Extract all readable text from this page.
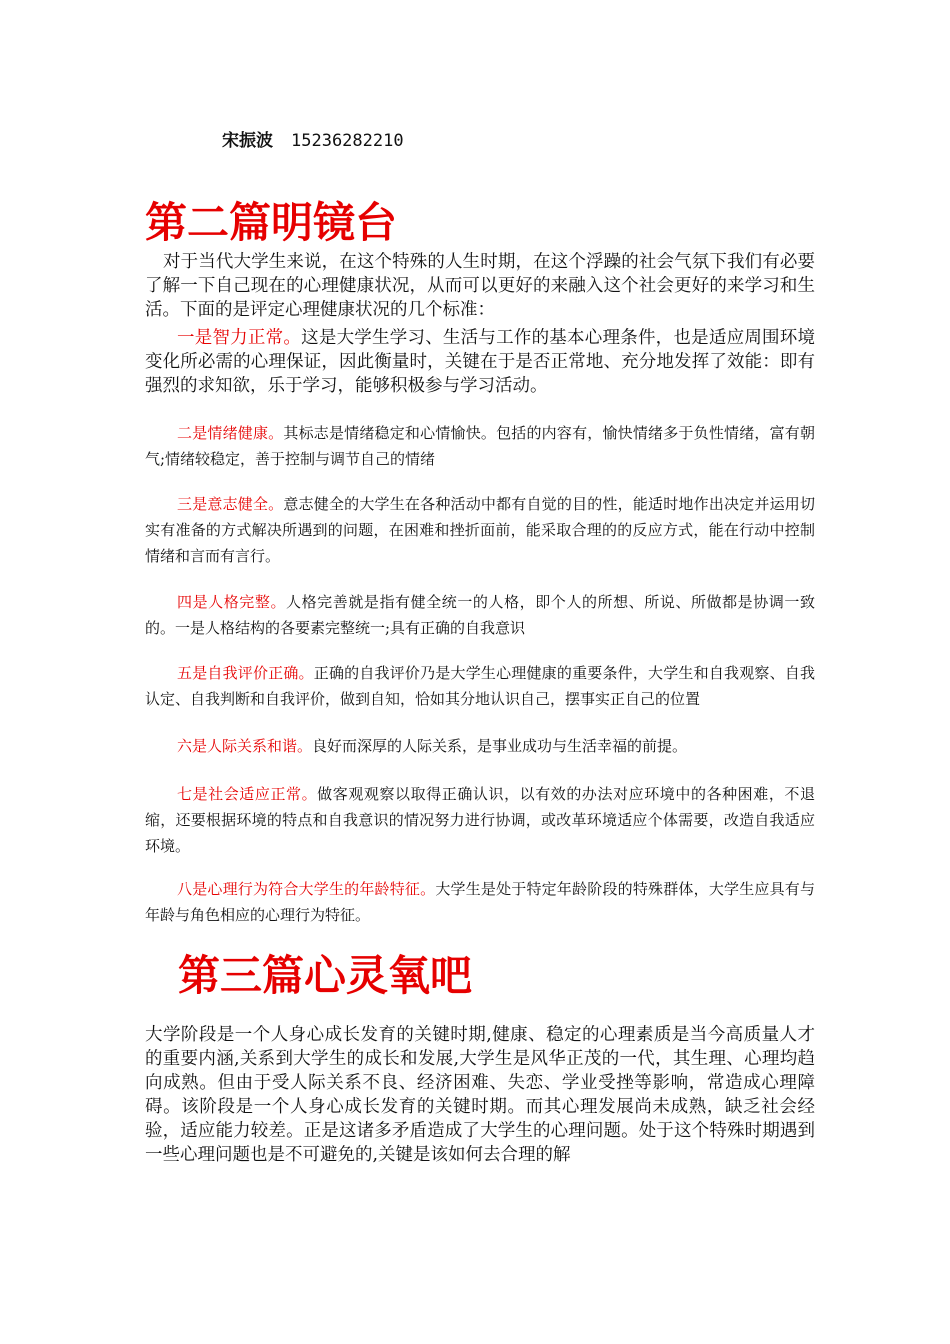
宋振波 15236282210
第二篇明镜台

对于当代大学生来说，在这个特殊的人生时期，在这个浮躁的社会气氛下我们有必要了解一下自己现在的心理健康状况，从而可以更好的来融入这个社会更好的来学习和生活。下面的是评定心理健康状况的几个标准：

一是智力正常。这是大学生学习、生活与工作的基本心理条件，也是适应周围环境变化所必需的心理保证，因此衡量时，关键在于是否正常地、充分地发挥了效能：即有强烈的求知欲，乐于学习，能够积极参与学习活动。

二是情绪健康。其标志是情绪稳定和心情愉快。包括的内容有，愉快情绪多于负性情绪，富有朝气;情绪较稳定，善于控制与调节自己的情绪

三是意志健全。意志健全的大学生在各种活动中都有自觉的目的性，能适时地作出决定并运用切实有准备的方式解决所遇到的问题，在困难和挫折面前，能采取合理的的反应方式，能在行动中控制情绪和言而有言行。

四是人格完整。人格完善就是指有健全统一的人格，即个人的所想、所说、所做都是协调一致的。一是人格结构的各要素完整统一;具有正确的自我意识

五是自我评价正确。正确的自我评价乃是大学生心理健康的重要条件，大学生和自我观察、自我认定、自我判断和自我评价，做到自知，恰如其分地认识自己，摆事实正自己的位置

六是人际关系和谐。良好而深厚的人际关系，是事业成功与生活幸福的前提。

七是社会适应正常。做客观观察以取得正确认识，以有效的办法对应环境中的各种困难，不退缩，还要根据环境的特点和自我意识的情况努力进行协调，或改革环境适应个体需要，改造自我适应环境。

八是心理行为符合大学生的年龄特征。大学生是处于特定年龄阶段的特殊群体，大学生应具有与年龄与角色相应的心理行为特征。

第三篇心灵氧吧

大学阶段是一个人身心成长发育的关键时期,健康、稳定的心理素质是当今高质量人才的重要内涵,关系到大学生的成长和发展,大学生是风华正茂的一代，其生理、心理均趋向成熟。但由于受人际关系不良、经济困难、失恋、学业受挫等影响，常造成心理障碍。该阶段是一个人身心成长发育的关键时期。而其心理发展尚未成熟，缺乏社会经验，适应能力较差。正是这诸多矛盾造成了大学生的心理问题。处于这个特殊时期遇到一些心理问题也是不可避免的,关键是该如何去合理的解
